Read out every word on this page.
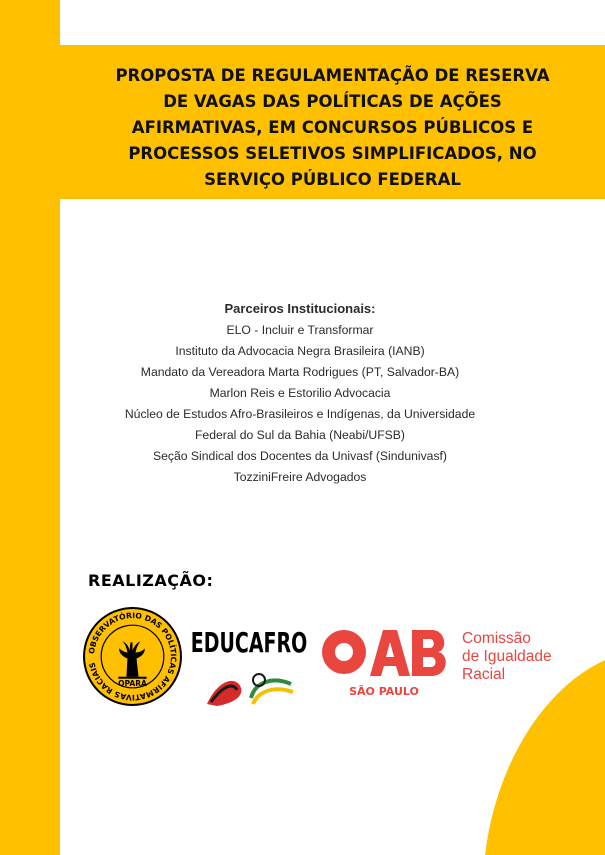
PROPOSTA DE REGULAMENTAÇÃO DE RESERVA
DE VAGAS DAS POLÍTICAS DE AÇÕES
AFIRMATIVAS, EM CONCURSOS PÚBLICOS E
PROCESSOS SELETIVOS SIMPLIFICADOS, NO
SERVIÇO PÚBLICO FEDERAL
Parceiros Institucionais:
ELO - Incluir e Transformar
Instituto da Advocacia Negra Brasileira (IANB)
Mandato da Vereadora Marta Rodrigues (PT, Salvador-BA)
Marlon Reis e Estorilio Advocacia
Núcleo de Estudos Afro-Brasileiros e Indígenas, da Universidade
Federal do Sul da Bahia (Neabi/UFSB)
Seção Sindical dos Docentes da Univasf (Sindunivasf)
TozziniFreire Advogados
REALIZAÇÃO:
OBSERVATÓRIO DAS POLÍTICAS AFIRMATIVAS RACIAIS
OPARÁ
EDUCAFRO
SÃO PAULO
Comissão
de Igualdade
Racial
